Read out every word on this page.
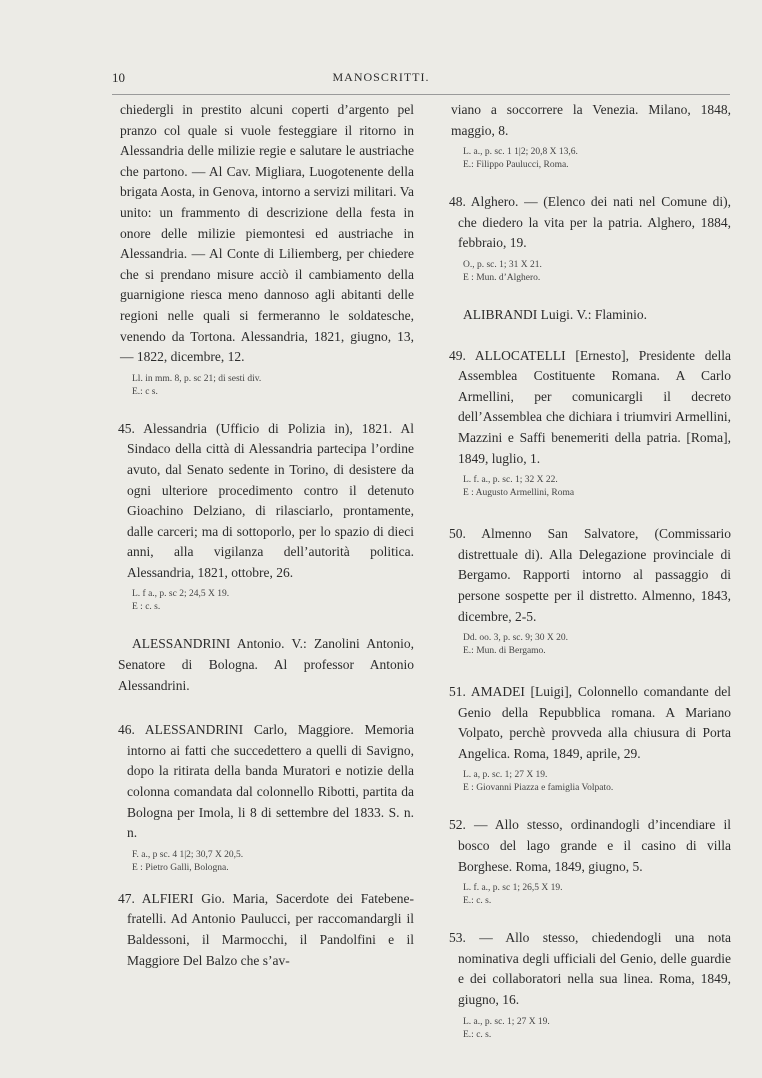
10	MANOSCRITTI.

chiedergli in prestito alcuni coperti d’argento pel pranzo col quale si vuole festeggiare il ritorno in Alessandria delle milizie regie e salutare le austriache che partono. — Al Cav. Migliara, Luogotenente della brigata Aosta, in Genova, intorno a servizi militari. Va unito: un frammento di descrizione della festa in onore delle milizie piemontesi ed austriache in Alessandria. — Al Conte di Liliemberg, per chiedere che si prendano misure acciò il cambiamento della guarnigione riesca meno dannoso agli abitanti delle regioni nelle quali si fermeranno le soldatesche, venendo da Tortona. Alessandria, 1821, giugno, 13, — 1822, dicembre, 12.

Ll. in mm. 8, p. sc 21; di sesti div.
E.: c s.

45. Alessandria (Ufficio di Polizia in), 1821. Al Sindaco della città di Alessandria partecipa l’ordine avuto, dal Senato sedente in Torino, di desistere da ogni ulteriore procedimento contro il detenuto Gioachino Delziano, di rilasciarlo, prontamente, dalle carceri; ma di sottoporlo, per lo spazio di dieci anni, alla vigilanza dell’autorità politica. Alessandria, 1821, ottobre, 26.

L. f a., p. sc 2; 24,5 X 19.
E : c. s.

ALESSANDRINI Antonio. V.: Zanolini Antonio, Senatore di Bologna. Al professor Antonio Alessandrini.

46. ALESSANDRINI Carlo, Maggiore. Memoria intorno ai fatti che succedettero a quelli di Savigno, dopo la ritirata della banda Muratori e notizie della colonna comandata dal colonnello Ribotti, partita da Bologna per Imola, li 8 di settembre del 1833. S. n. n.

F. a., p sc. 4 1|2; 30,7 X 20,5.
E : Pietro Galli, Bologna.

47. ALFIERI Gio. Maria, Sacerdote dei Fatebene-fratelli. Ad Antonio Paulucci, per raccomandargli il Baldessoni, il Marmocchi, il Pandolfini e il Maggiore Del Balzo che s’av-

viano a soccorrere la Venezia. Milano, 1848, maggio, 8.

L. a., p. sc. 1 1|2; 20,8 X 13,6.
E.: Filippo Paulucci, Roma.

48. Alghero. — (Elenco dei nati nel Comune di), che diedero la vita per la patria. Alghero, 1884, febbraio, 19.

O., p. sc. 1; 31 X 21.
E : Mun. d’Alghero.

ALIBRANDI Luigi. V.: Flaminio.

49. ALLOCATELLI [Ernesto], Presidente della Assemblea Costituente Romana. A Carlo Armellini, per comunicargli il decreto dell’Assemblea che dichiara i triumviri Armellini, Mazzini e Saffi benemeriti della patria. [Roma], 1849, luglio, 1.

L. f. a., p. sc. 1; 32 X 22.
E : Augusto Armellini, Roma

50. Almenno San Salvatore, (Commissario distrettuale di). Alla Delegazione provinciale di Bergamo. Rapporti intorno al passaggio di persone sospette per il distretto. Almenno, 1843, dicembre, 2-5.

Dd. oo. 3, p. sc. 9; 30 X 20.
E.: Mun. di Bergamo.

51. AMADEI [Luigi], Colonnello comandante del Genio della Repubblica romana. A Mariano Volpato, perchè provveda alla chiusura di Porta Angelica. Roma, 1849, aprile, 29.

L. a, p. sc. 1; 27 X 19.
E : Giovanni Piazza e famiglia Volpato.

52. — Allo stesso, ordinandogli d’incendiare il bosco del lago grande e il casino di villa Borghese. Roma, 1849, giugno, 5.

L. f. a., p. sc 1; 26,5 X 19.
E.: c. s.

53. — Allo stesso, chiedendogli una nota nominativa degli ufficiali del Genio, delle guardie e dei collaboratori nella sua linea. Roma, 1849, giugno, 16.

L. a., p. sc. 1; 27 X 19.
E.: c. s.
